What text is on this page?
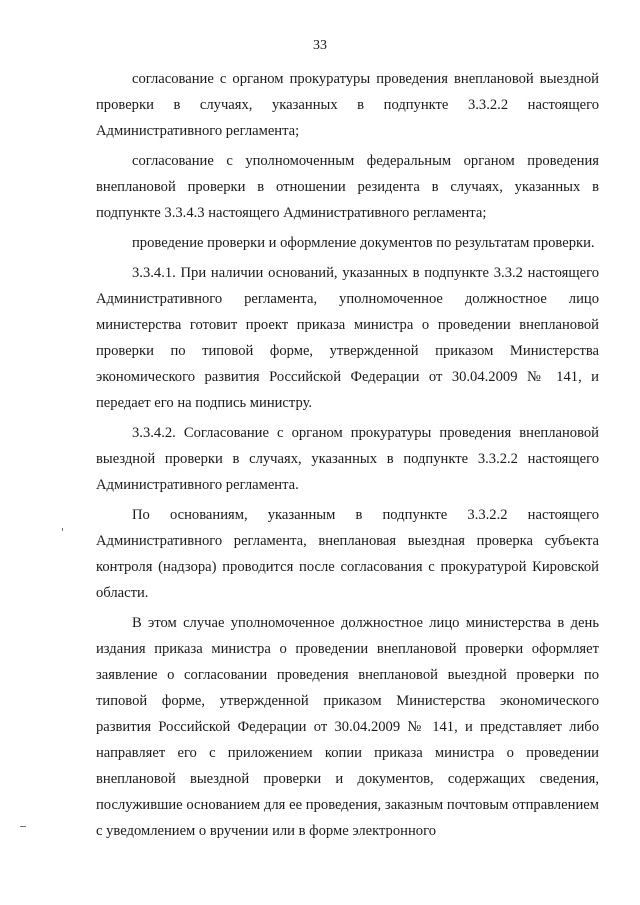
33

согласование с органом прокуратуры проведения внеплановой выездной проверки в случаях, указанных в подпункте 3.3.2.2 настоящего Административного регламента;

согласование с уполномоченным федеральным органом проведения внеплановой проверки в отношении резидента в случаях, указанных в подпункте 3.3.4.3 настоящего Административного регламента;

проведение проверки и оформление документов по результатам проверки.

3.3.4.1. При наличии оснований, указанных в подпункте 3.3.2 настоящего Административного регламента, уполномоченное должностное лицо министерства готовит проект приказа министра о проведении внеплановой проверки по типовой форме, утвержденной приказом Министерства экономического развития Российской Федерации от 30.04.2009 № 141, и передает его на подпись министру.

3.3.4.2. Согласование с органом прокуратуры проведения внеплановой выездной проверки в случаях, указанных в подпункте 3.3.2.2 настоящего Административного регламента.

По основаниям, указанным в подпункте 3.3.2.2 настоящего Административного регламента, внеплановая выездная проверка субъекта контроля (надзора) проводится после согласования с прокуратурой Кировской области.

В этом случае уполномоченное должностное лицо министерства в день издания приказа министра о проведении внеплановой проверки оформляет заявление о согласовании проведения внеплановой выездной проверки по типовой форме, утвержденной приказом Министерства экономического развития Российской Федерации от 30.04.2009 № 141, и представляет либо направляет его с приложением копии приказа министра о проведении внеплановой выездной проверки и документов, содержащих сведения, послужившие основанием для ее проведения, заказным почтовым отправлением с уведомлением о вручении или в форме электронного
